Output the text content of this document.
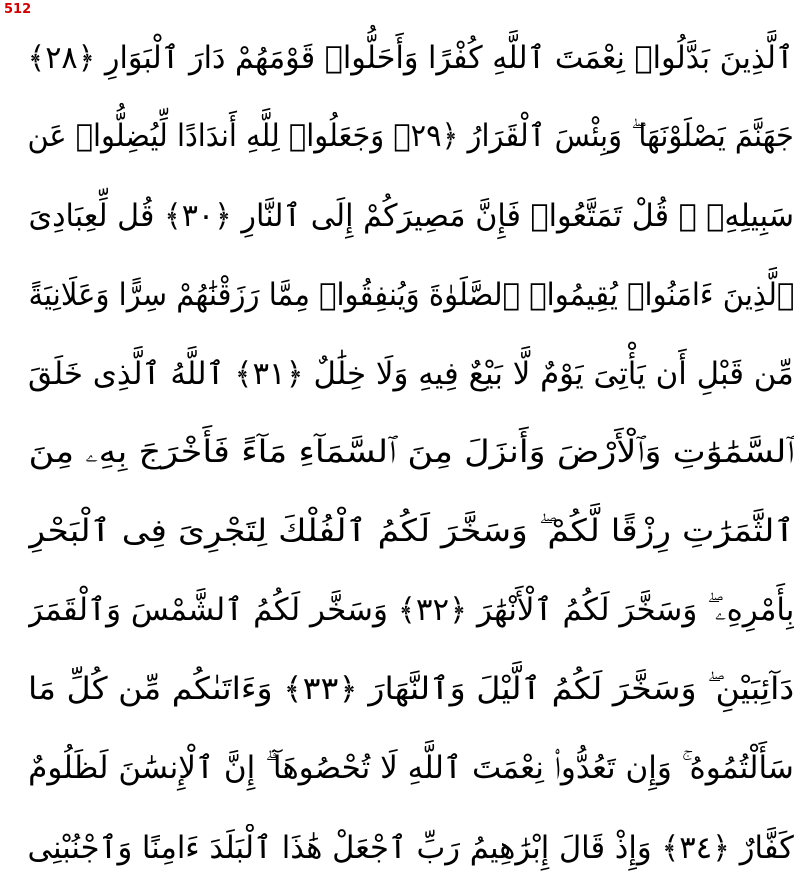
512
ٱلَّذِينَ بَدَّلُوا۟ نِعْمَتَ ٱللَّهِ كُفْرًا وَأَحَلُّوا۟ قَوْمَهُمْ دَارَ ٱلْبَوَارِ ﴿٢٨﴾
جَهَنَّمَ يَصْلَوْنَهَا ۖ وَبِئْسَ ٱلْقَرَارُ ﴿٢٩﴾ وَجَعَلُوا۟ لِلَّهِ أَندَادًا لِّيُضِلُّوا۟ عَن
سَبِيلِهِۦ ۗ قُلْ تَمَتَّعُوا۟ فَإِنَّ مَصِيرَكُمْ إِلَى ٱلنَّارِ ﴿٣٠﴾ قُل لِّعِبَادِىَ
ٱلَّذِينَ ءَامَنُوا۟ يُقِيمُوا۟ ٱلصَّلَوٰةَ وَيُنفِقُوا۟ مِمَّا رَزَقْنَٰهُمْ سِرًّا وَعَلَانِيَةً
مِّن قَبْلِ أَن يَأْتِىَ يَوْمٌ لَّا بَيْعٌ فِيهِ وَلَا خِلَٰلٌ ﴿٣١﴾ ٱللَّهُ ٱلَّذِى خَلَقَ
ٱلسَّمَٰوَٰتِ وَٱلْأَرْضَ وَأَنزَلَ مِنَ ٱلسَّمَآءِ مَآءً فَأَخْرَجَ بِهِۦ مِنَ
ٱلثَّمَرَٰتِ رِزْقًا لَّكُمْ ۖ وَسَخَّرَ لَكُمُ ٱلْفُلْكَ لِتَجْرِىَ فِى ٱلْبَحْرِ
بِأَمْرِهِۦ ۖ وَسَخَّرَ لَكُمُ ٱلْأَنْهَٰرَ ﴿٣٢﴾ وَسَخَّر لَكُمُ ٱلشَّمْسَ وَٱلْقَمَرَ
دَآئِبَيْنِ ۖ وَسَخَّرَ لَكُمُ ٱلَّيْلَ وَٱلنَّهَارَ ﴿٣٣﴾ وَءَاتَىٰكُم مِّن كُلِّ مَا
سَأَلْتُمُوهُ ۚ وَإِن تَعُدُّوا۟ نِعْمَتَ ٱللَّهِ لَا تُحْصُوهَآ ۗ إِنَّ ٱلْإِنسَٰنَ لَظَلُومٌ
كَفَّارٌ ﴿٣٤﴾ وَإِذْ قَالَ إِبْرَٰهِيمُ رَبِّ ٱجْعَلْ هَٰذَا ٱلْبَلَدَ ءَامِنًا وَٱجْنُبْنِى
